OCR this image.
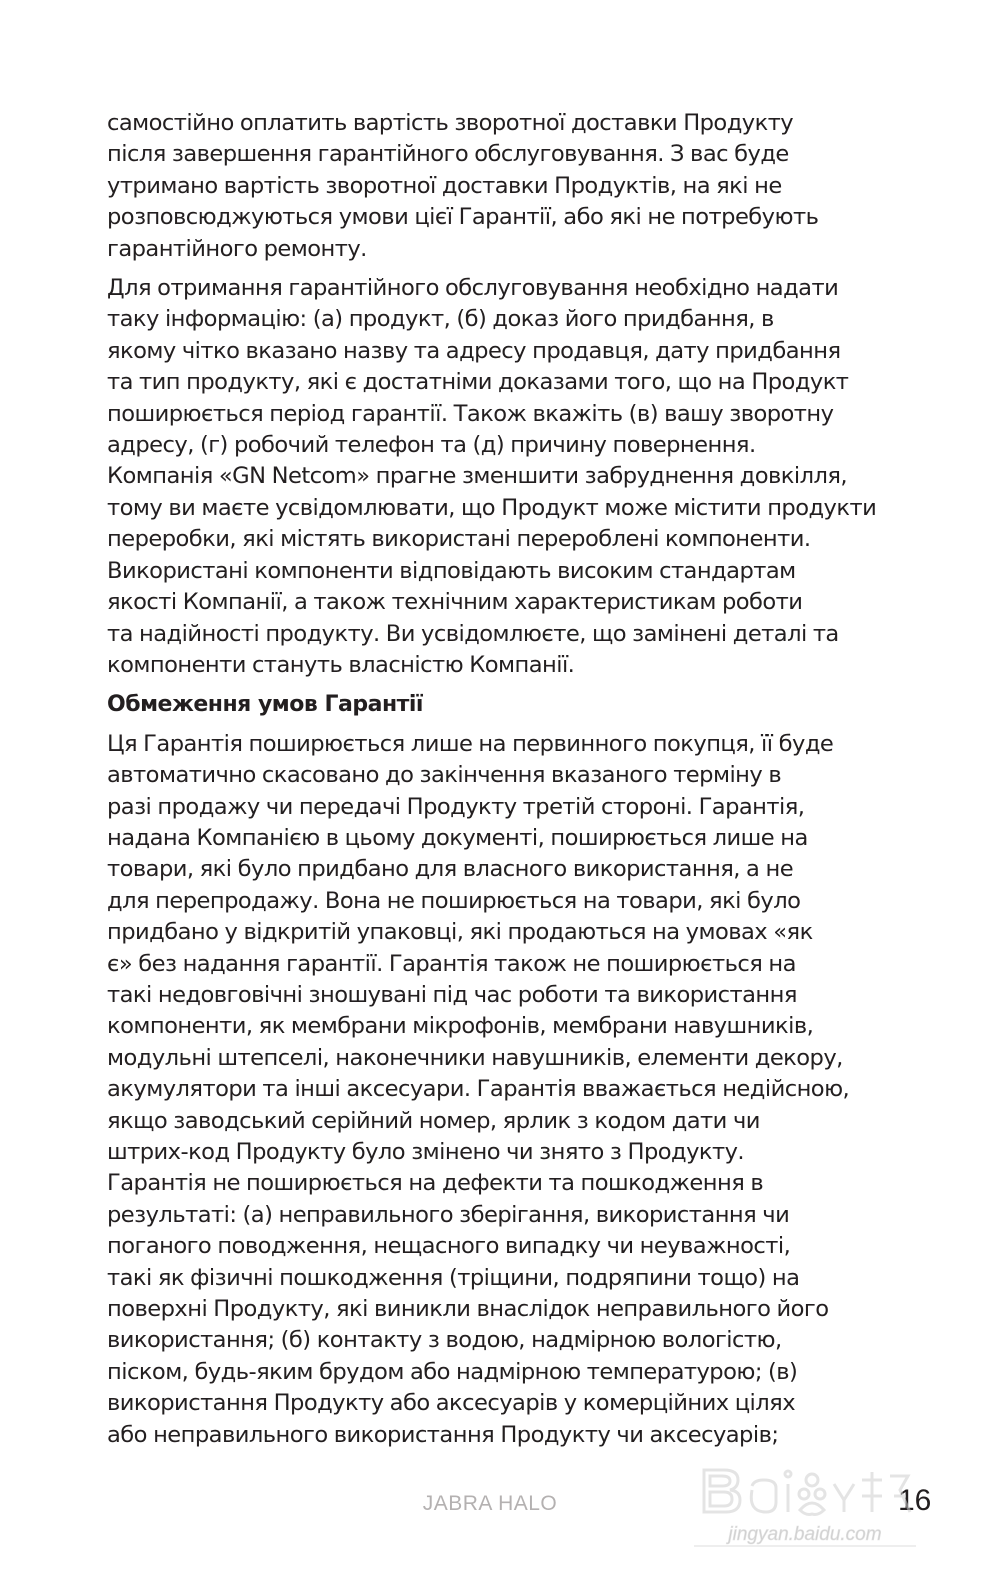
самостійно оплатить вартість зворотної доставки Продукту
після завершення гарантійного обслуговування. З вас буде
утримано вартість зворотної доставки Продуктів, на які не
розповсюджуються умови цієї Гарантії, або які не потребують
гарантійного ремонту.

Для отримання гарантійного обслуговування необхідно надати
таку інформацію: (а) продукт, (б) доказ його придбання, в
якому чітко вказано назву та адресу продавця, дату придбання
та тип продукту, які є достатніми доказами того, що на Продукт
поширюється період гарантії. Також вкажіть (в) вашу зворотну
адресу, (г) робочий телефон та (д) причину повернення.
Компанія «GN Netcom» прагне зменшити забруднення довкілля,
тому ви маєте усвідомлювати, що Продукт може містити продукти
переробки, які містять використані перероблені компоненти.
Використані компоненти відповідають високим стандартам
якості Компанії, а також технічним характеристикам роботи
та надійності продукту. Ви усвідомлюєте, що замінені деталі та
компоненти стануть власністю Компанії.

Обмеження умов Гарантії

Ця Гарантія поширюється лише на первинного покупця, її буде
автоматично скасовано до закінчення вказаного терміну в
разі продажу чи передачі Продукту третій стороні. Гарантія,
надана Компанією в цьому документі, поширюється лише на
товари, які було придбано для власного використання, а не
для перепродажу. Вона не поширюється на товари, які було
придбано у відкритій упаковці, які продаються на умовах «як
є» без надання гарантії. Гарантія також не поширюється на
такі недовговічні зношувані під час роботи та використання
компоненти, як мембрани мікрофонів, мембрани навушників,
модульні штепселі, наконечники навушників, елементи декору,
акумулятори та інші аксесуари. Гарантія вважається недійсною,
якщо заводський серійний номер, ярлик з кодом дати чи
штрих-код Продукту було змінено чи знято з Продукту.
Гарантія не поширюється на дефекти та пошкодження в
результаті: (а) неправильного зберігання, використання чи
поганого поводження, нещасного випадку чи неуважності,
такі як фізичні пошкодження (тріщини, подряпини тощо) на
поверхні Продукту, які виникли внаслідок неправильного його
використання; (б) контакту з водою, надмірною вологістю,
піском, будь-яким брудом або надмірною температурою; (в)
використання Продукту або аксесуарів у комерційних цілях
або неправильного використання Продукту чи аксесуарів;

JABRA HALO	16
jingyan.baidu.com
Bai du 经验
